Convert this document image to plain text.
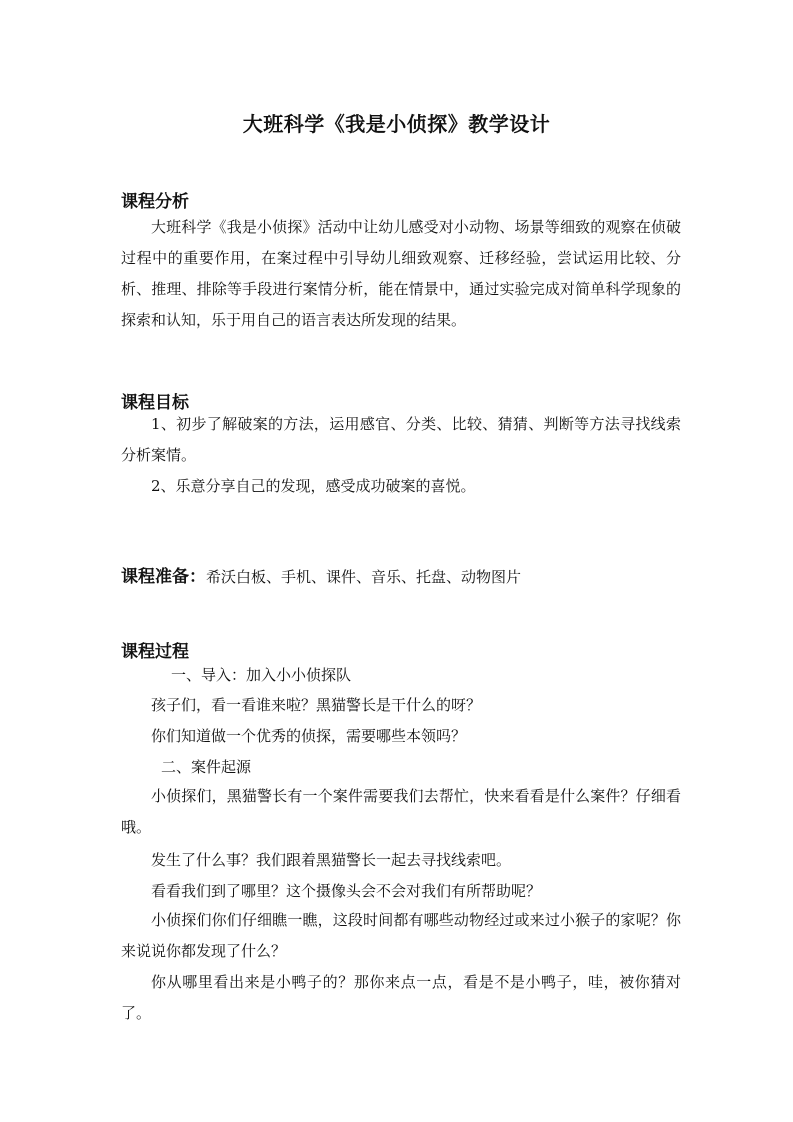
大班科学《我是小侦探》教学设计
课程分析
大班科学《我是小侦探》活动中让幼儿感受对小动物、场景等细致的观察在侦破过程中的重要作用，在案过程中引导幼儿细致观察、迁移经验，尝试运用比较、分析、推理、排除等手段进行案情分析，能在情景中，通过实验完成对简单科学现象的探索和认知，乐于用自己的语言表达所发现的结果。
课程目标
1、初步了解破案的方法，运用感官、分类、比较、猜猜、判断等方法寻找线索分析案情。
2、乐意分享自己的发现，感受成功破案的喜悦。
课程准备：希沃白板、手机、课件、音乐、托盘、动物图片
课程过程
一、导入：加入小小侦探队
孩子们，看一看谁来啦？黑猫警长是干什么的呀？
你们知道做一个优秀的侦探，需要哪些本领吗？
二、案件起源
小侦探们，黑猫警长有一个案件需要我们去帮忙，快来看看是什么案件？仔细看哦。
发生了什么事？我们跟着黑猫警长一起去寻找线索吧。
看看我们到了哪里？这个摄像头会不会对我们有所帮助呢？
小侦探们你们仔细瞧一瞧，这段时间都有哪些动物经过或来过小猴子的家呢？你来说说你都发现了什么？
你从哪里看出来是小鸭子的？那你来点一点，看是不是小鸭子，哇，被你猜对了。
